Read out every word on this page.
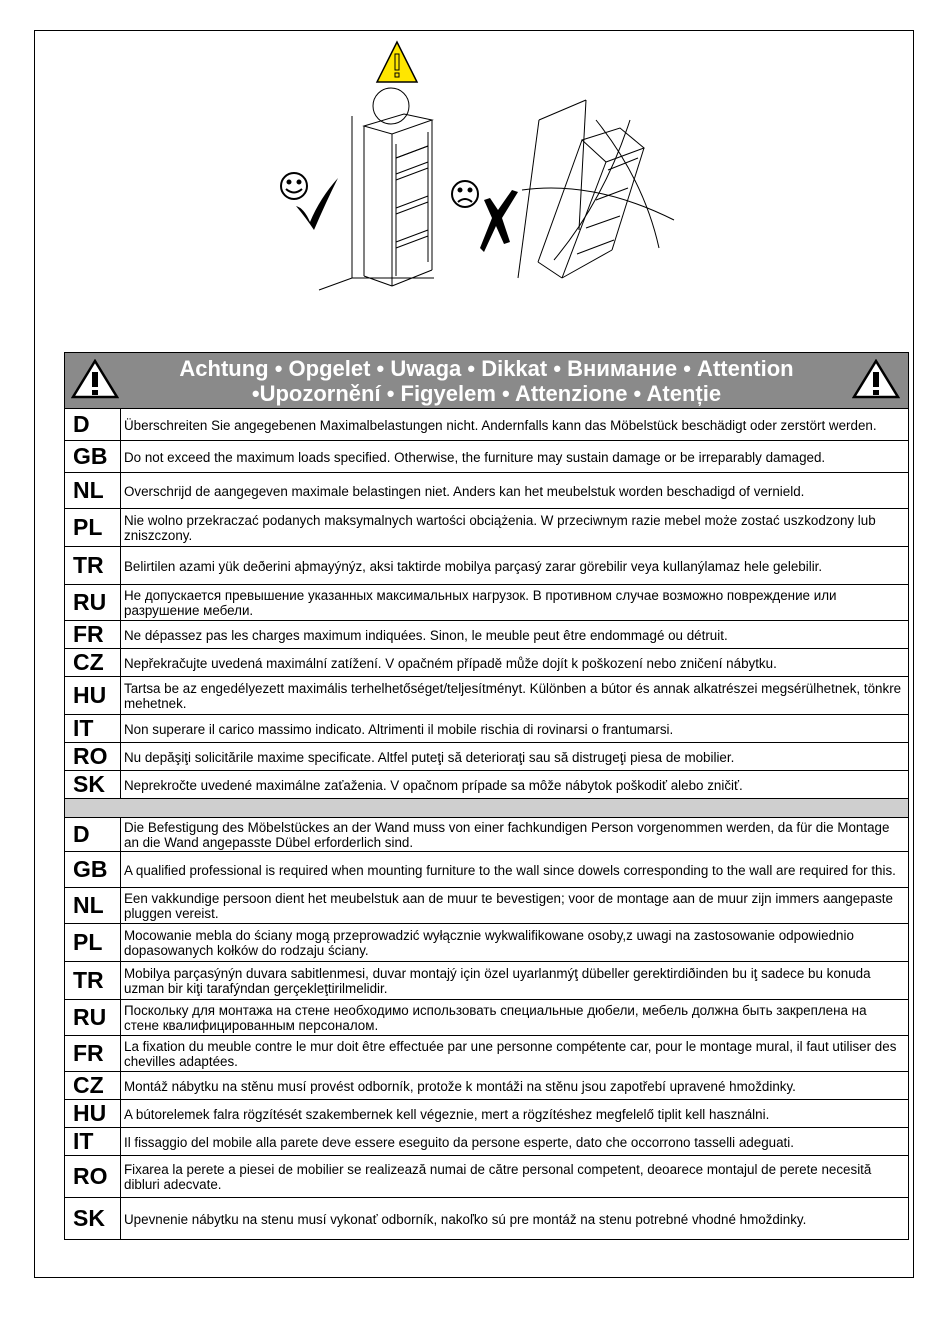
Achtung • Opgelet • Uwaga • Dikkat • Внимание • Attention
•Upozornění • Figyelem • Attenzione • Atenție	

D	Überschreiten Sie angegebenen Maximalbelastungen nicht. Andernfalls kann das Möbelstück beschädigt oder zerstört werden.
GB	Do not exceed the maximum loads specified. Otherwise, the furniture may sustain damage or be irreparably damaged.
NL	Overschrijd de aangegeven maximale belastingen niet. Anders kan het meubelstuk worden beschadigd of vernield.
PL	Nie wolno przekraczać podanych maksymalnych wartości obciążenia. W przeciwnym razie mebel może zostać uszkodzony lub zniszczony.
TR	Belirtilen azami yük deðerini aþmayýnýz, aksi taktirde mobilya parçasý zarar görebilir veya kullanýlamaz hele gelebilir.
RU	Не допускается превышение указанных максимальных нагрузок. В противном случае возможно повреждение или разрушение мебели.
FR	Ne dépassez pas les charges maximum indiquées. Sinon, le meuble peut être endommagé ou détruit.
CZ	Nepřekračujte uvedená maximální zatížení. V opačném případě může dojít k poškození nebo zničení nábytku.
HU	Tartsa be az engedélyezett maximális terhelhetőséget/teljesítményt. Különben a bútor és annak alkatrészei megsérülhetnek, tönkre mehetnek.
IT	Non superare il carico massimo indicato. Altrimenti il mobile rischia di rovinarsi o frantumarsi.
RO	Nu depăşiţi solicitările maxime specificate. Altfel puteţi să deterioraţi sau să distrugeţi piesa de mobilier.
SK	Neprekročte uvedené maximálne zaťaženia. V opačnom prípade sa môže nábytok poškodiť alebo zničiť.

D	Die Befestigung des Möbelstückes an der Wand muss von einer fachkundigen Person vorgenommen werden, da für die Montage an die Wand angepasste Dübel erforderlich sind.
GB	A qualified professional is required when mounting furniture to the wall since dowels corresponding to the wall are required for this.
NL	Een vakkundige persoon dient het meubelstuk aan de muur te bevestigen; voor de montage aan de muur zijn immers aangepaste pluggen vereist.
PL	Mocowanie mebla do ściany mogą przeprowadzić wyłącznie wykwalifikowane osoby,z uwagi na zastosowanie odpowiednio dopasowanych kołków do rodzaju ściany.
TR	Mobilya parçasýnýn duvara sabitlenmesi, duvar montajý için özel uyarlanmýţ dübeller gerektirdiðinden bu iţ sadece bu konuda uzman bir kiţi tarafýndan gerçekleţtirilmelidir.
RU	Поскольку для монтажа на стене необходимо использовать специальные дюбели, мебель должна быть закреплена на стене квалифицированным персоналом.
FR	La fixation du meuble contre le mur doit être effectuée par une personne compétente car, pour le montage mural, il faut utiliser des chevilles adaptées.
CZ	Montáž nábytku na stěnu musí provést odborník, protože k montáži na stěnu jsou zapotřebí upravené hmoždinky.
HU	A bútorelemek falra rögzítését szakembernek kell végeznie, mert a rögzítéshez megfelelő tiplit kell használni.
IT	Il fissaggio del mobile alla parete deve essere eseguito da persone esperte, dato che occorrono tasselli adeguati.
RO	Fixarea la perete a piesei de mobilier se realizează numai de către personal competent, deoarece montajul de perete necesită dibluri adecvate.
SK	Upevnenie nábytku na stenu musí vykonať odborník, nakoľko sú pre montáž na stenu potrebné vhodné hmoždinky.
